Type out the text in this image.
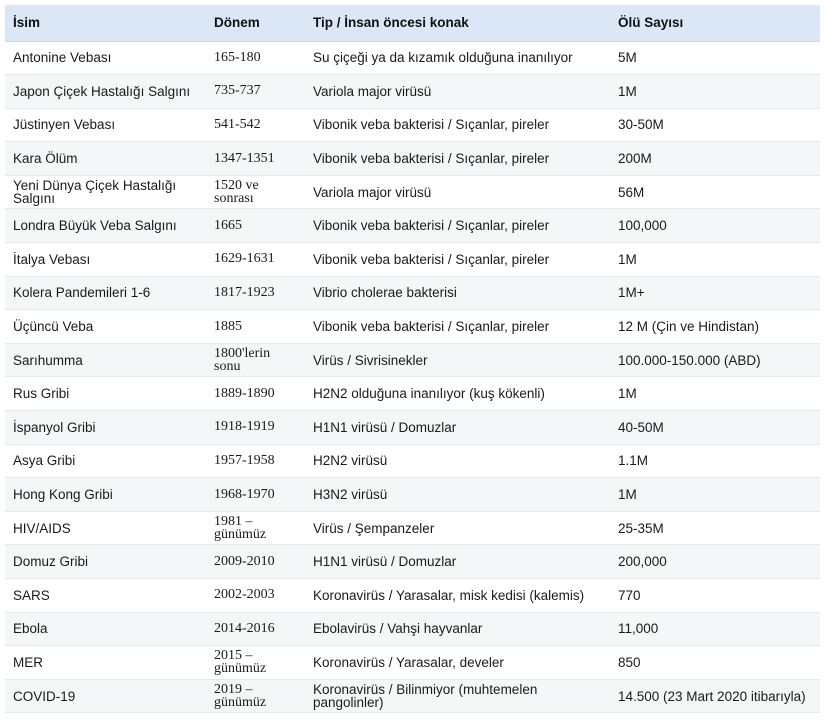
İsim	Dönem	Tip / İnsan öncesi konak	Ölü Sayısı

Antonine Vebası	165-180	Su çiçeği ya da kızamık olduğuna inanılıyor	5M

Japon Çiçek Hastalığı Salgını	735-737	Variola major virüsü	1M

Jüstinyen Vebası	541-542	Vibonik veba bakterisi / Sıçanlar, pireler	30-50M

Kara Ölüm	1347-1351	Vibonik veba bakterisi / Sıçanlar, pireler	200M

Yeni Dünya Çiçek Hastalığı Salgını	1520 ve sonrası	Variola major virüsü	56M

Londra Büyük Veba Salgını	1665	Vibonik veba bakterisi / Sıçanlar, pireler	100,000

İtalya Vebası	1629-1631	Vibonik veba bakterisi / Sıçanlar, pireler	1M

Kolera Pandemileri 1-6	1817-1923	Vibrio cholerae bakterisi	1M+

Üçüncü Veba	1885	Vibonik veba bakterisi / Sıçanlar, pireler	12 M (Çin ve Hindistan)

Sarıhumma	1800'lerin sonu	Virüs / Sivrisinekler	100.000-150.000 (ABD)

Rus Gribi	1889-1890	H2N2 olduğuna inanılıyor (kuş kökenli)	1M

İspanyol Gribi	1918-1919	H1N1 virüsü / Domuzlar	40-50M

Asya Gribi	1957-1958	H2N2 virüsü	1.1M

Hong Kong Gribi	1968-1970	H3N2 virüsü	1M

HIV/AIDS	1981 – günümüz	Virüs / Şempanzeler	25-35M

Domuz Gribi	2009-2010	H1N1 virüsü / Domuzlar	200,000

SARS	2002-2003	Koronavirüs / Yarasalar, misk kedisi (kalemis)	770

Ebola	2014-2016	Ebolavirüs / Vahşi hayvanlar	11,000

MER	2015 – günümüz	Koronavirüs / Yarasalar, develer	850

COVID-19	2019 – günümüz	Koronavirüs / Bilinmiyor (muhtemelen pangolinler)	14.500 (23 Mart 2020 itibarıyla)
